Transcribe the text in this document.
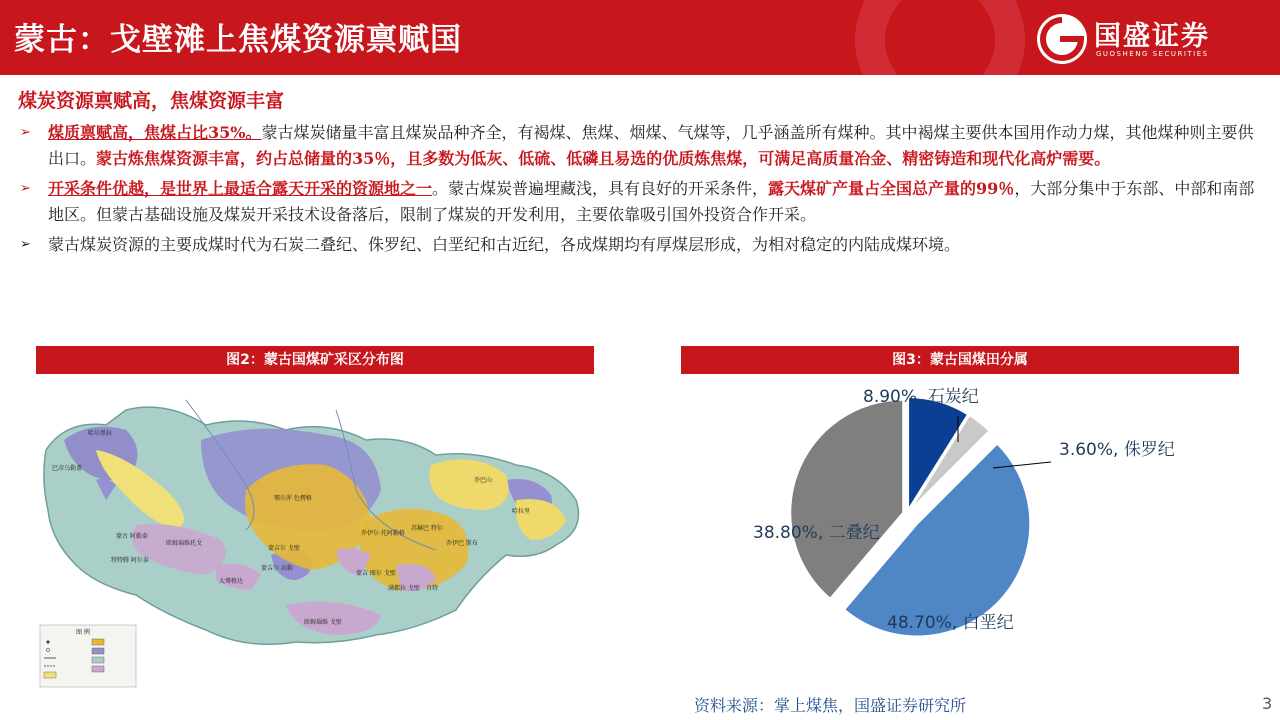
蒙古：戈壁滩上焦煤资源禀赋国	国盛证券
GUOSHENG SECURITIES
煤炭资源禀赋高，焦煤资源丰富
➢ 煤质禀赋高，焦煤占比35%。蒙古煤炭储量丰富且煤炭品种齐全，有褐煤、焦煤、烟煤、气煤等，几乎涵盖所有煤种。其中褐煤主要供本国用作动力煤，其他煤种则主要供出口。蒙古炼焦煤资源丰富，约占总储量的35％，且多数为低灰、低硫、低磷且易选的优质炼焦煤，可满足高质量冶金、精密铸造和现代化高炉需要。
➢ 开采条件优越，是世界上最适合露天开采的资源地之一。蒙古煤炭普遍埋藏浅，具有良好的开采条件，露天煤矿产量占全国总产量的99％，大部分集中于东部、中部和南部地区。但蒙古基础设施及煤炭开采技术设备落后，限制了煤炭的开发利用，主要依靠吸引国外投资合作开采。
➢ 蒙古煤炭资源的主要成煤时代为石炭二叠纪、侏罗纪、白垩纪和古近纪，各成煤期均有厚煤层形成，为相对稳定的内陆成煤环境。
图2：蒙古国煤矿采区分布图	图3：蒙古国煤田分属
哈尔黑拉
巴彦乌勒盖
蒙古 阿勒泰
特特腾 阿尔泰
欧姆瑙维托戈
大博格达
蒙吉尔 戈壁
蒙吉尔 高勒
蒙吉 图尔 戈壁
鄂尔浑 色楞格
乔巴山
哈拉里
乔伊巴 斯布
苏赫巴 特尔
满都拉 戈壁
欧姆瑙维 戈壁
乔伊尔·托阿勒格
肯特
图 例
8.90%, 石炭纪
3.60%, 侏罗纪
48.70%, 白垩纪
38.80%, 二叠纪
资料来源：掌上煤焦，国盛证券研究所	3
